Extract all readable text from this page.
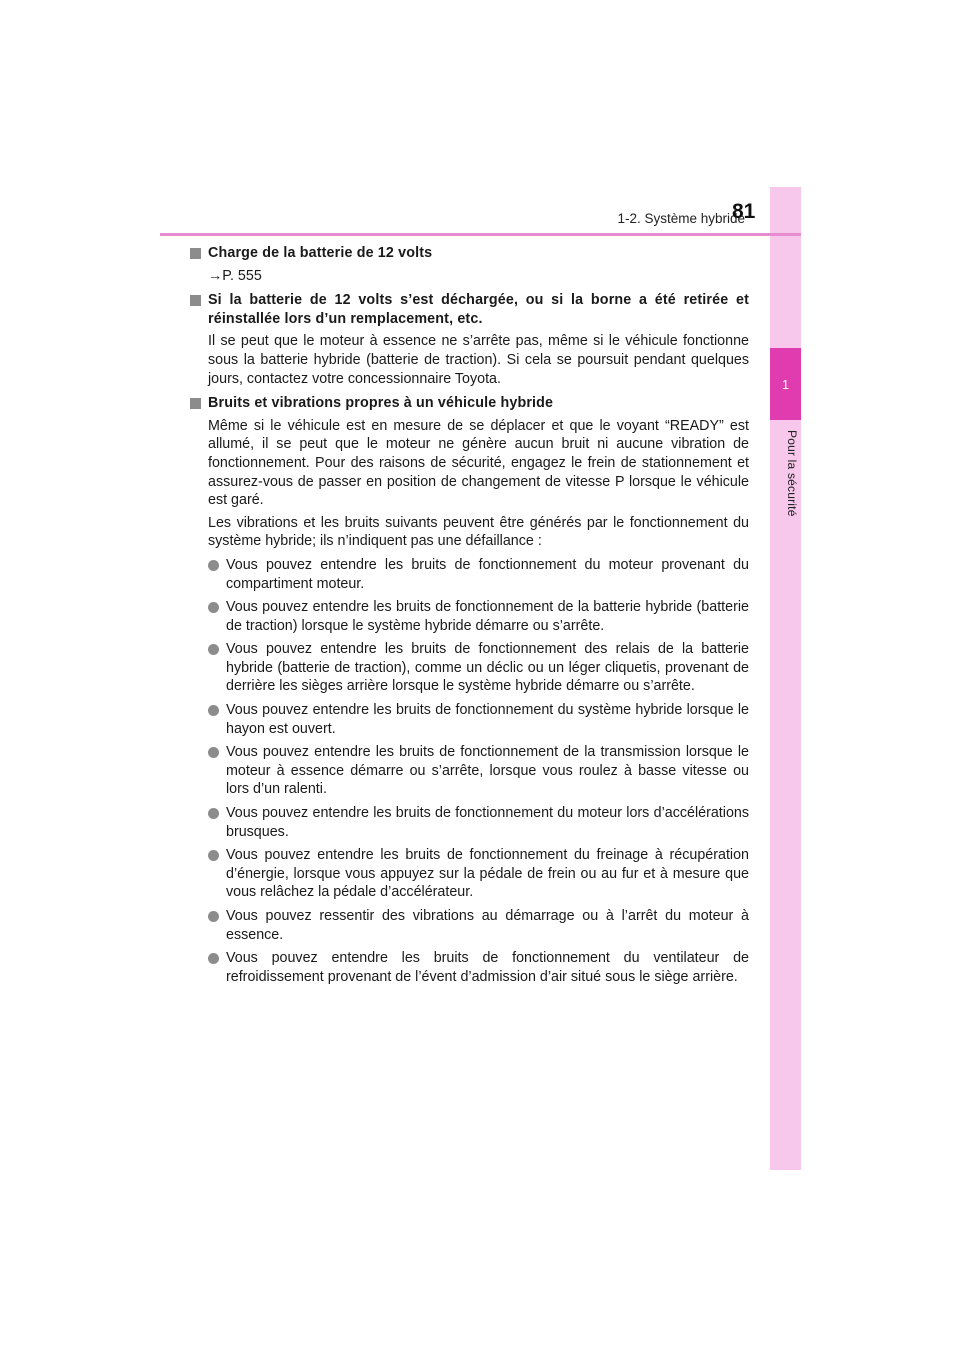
1
Pour la sécurité
1-2. Système hybride
81
Charge de la batterie de 12 volts
→P. 555
Si la batterie de 12 volts s’est déchargée, ou si la borne a été retirée et réinstallée lors d’un remplacement, etc.
Il se peut que le moteur à essence ne s’arrête pas, même si le véhicule fonctionne sous la batterie hybride (batterie de traction). Si cela se poursuit pendant quelques jours, contactez votre concessionnaire Toyota.
Bruits et vibrations propres à un véhicule hybride
Même si le véhicule est en mesure de se déplacer et que le voyant “READY” est allumé, il se peut que le moteur ne génère aucun bruit ni aucune vibration de fonctionnement. Pour des raisons de sécurité, engagez le frein de stationnement et assurez-vous de passer en position de changement de vitesse P lorsque le véhicule est garé.
Les vibrations et les bruits suivants peuvent être générés par le fonctionnement du système hybride; ils n’indiquent pas une défaillance :
Vous pouvez entendre les bruits de fonctionnement du moteur provenant du compartiment moteur.
Vous pouvez entendre les bruits de fonctionnement de la batterie hybride (batterie de traction) lorsque le système hybride démarre ou s’arrête.
Vous pouvez entendre les bruits de fonctionnement des relais de la batterie hybride (batterie de traction), comme un déclic ou un léger cliquetis, provenant de derrière les sièges arrière lorsque le système hybride démarre ou s’arrête.
Vous pouvez entendre les bruits de fonctionnement du système hybride lorsque le hayon est ouvert.
Vous pouvez entendre les bruits de fonctionnement de la transmission lorsque le moteur à essence démarre ou s’arrête, lorsque vous roulez à basse vitesse ou lors d’un ralenti.
Vous pouvez entendre les bruits de fonctionnement du moteur lors d’accélérations brusques.
Vous pouvez entendre les bruits de fonctionnement du freinage à récupération d’énergie, lorsque vous appuyez sur la pédale de frein ou au fur et à mesure que vous relâchez la pédale d’accélérateur.
Vous pouvez ressentir des vibrations au démarrage ou à l’arrêt du moteur à essence.
Vous pouvez entendre les bruits de fonctionnement du ventilateur de refroidissement provenant de l’évent d’admission d’air situé sous le siège arrière.
